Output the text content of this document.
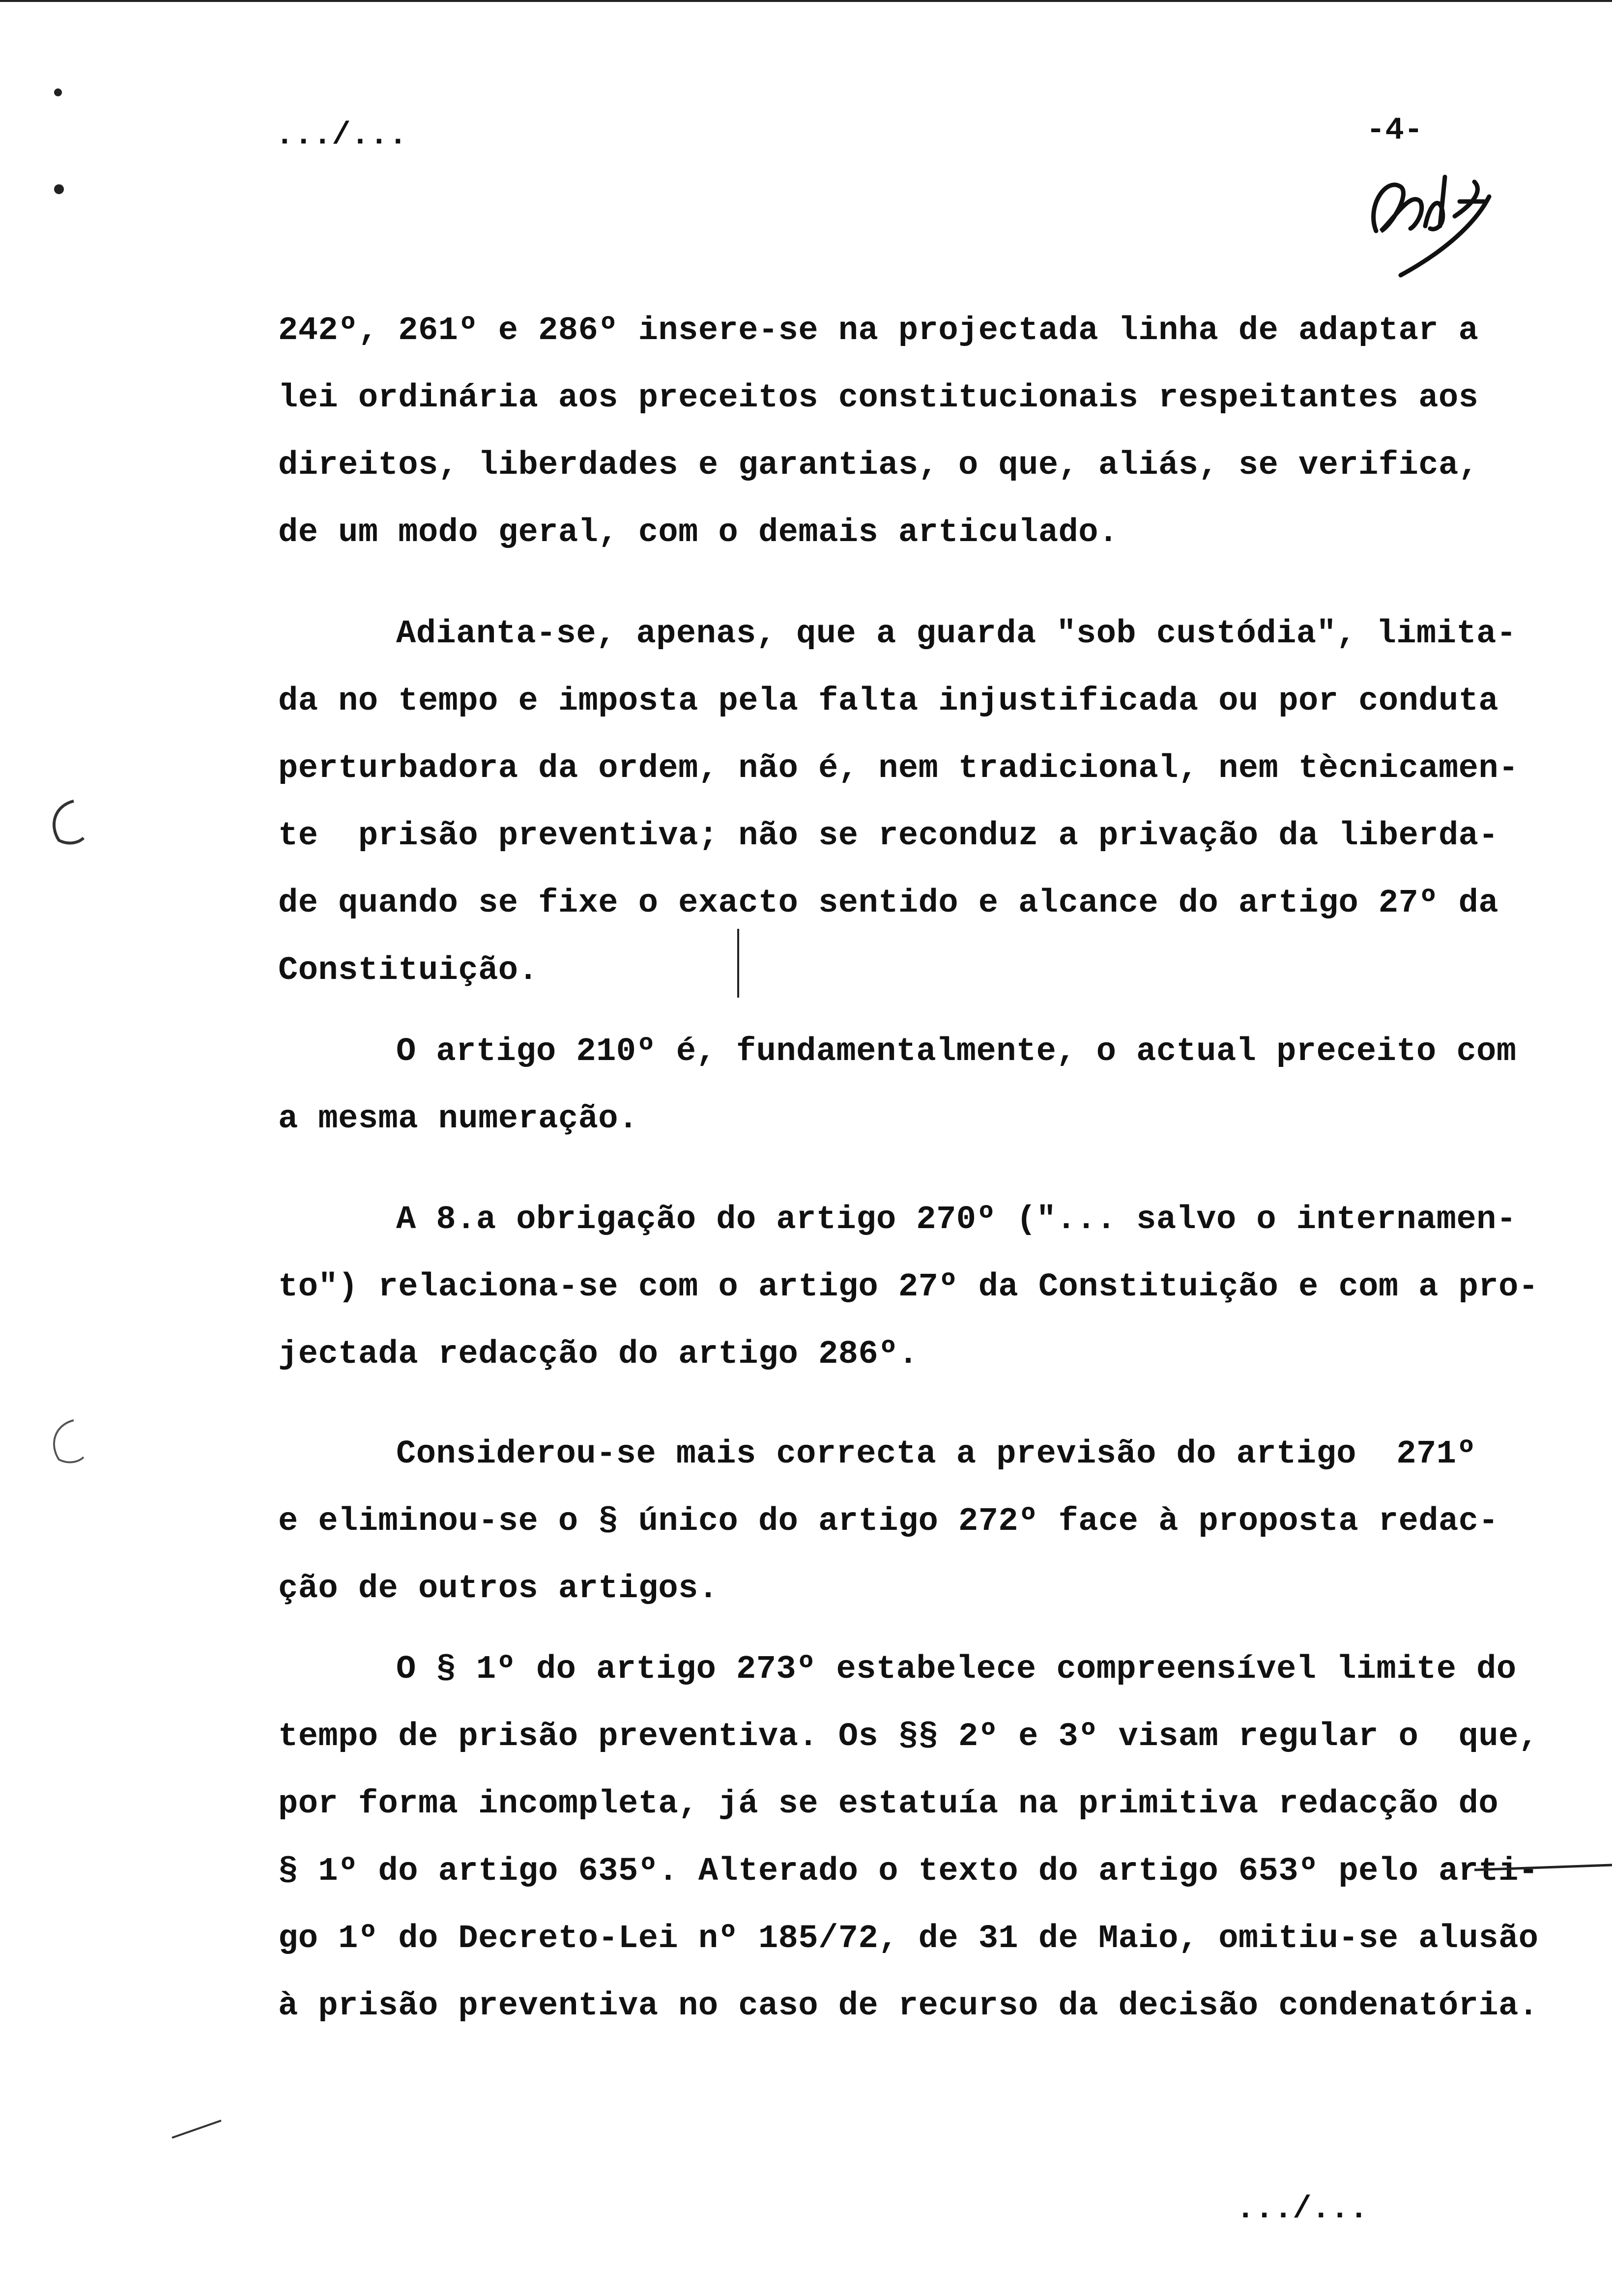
.../...	-4-
242º, 261º e 286º insere-se na projectada linha de adaptar a
lei ordinária aos preceitos constitucionais respeitantes aos
direitos, liberdades e garantias, o que, aliás, se verifica,
de um modo geral, com o demais articulado.
Adianta-se, apenas, que a guarda "sob custódia", limita-
da no tempo e imposta pela falta injustificada ou por conduta
perturbadora da ordem, não é, nem tradicional, nem tècnicamen-
te  prisão preventiva; não se reconduz a privação da liberda-
de quando se fixe o exacto sentido e alcance do artigo 27º da
Constituição.
O artigo 210º é, fundamentalmente, o actual preceito com
a mesma numeração.
A 8.a obrigação do artigo 270º ("... salvo o internamen-
to") relaciona-se com o artigo 27º da Constituição e com a pro-
jectada redacção do artigo 286º.
Considerou-se mais correcta a previsão do artigo  271º
e eliminou-se o § único do artigo 272º face à proposta redac-
ção de outros artigos.
O § 1º do artigo 273º estabelece compreensível limite do
tempo de prisão preventiva. Os §§ 2º e 3º visam regular o  que,
por forma incompleta, já se estatuía na primitiva redacção do
§ 1º do artigo 635º. Alterado o texto do artigo 653º pelo arti-
go 1º do Decreto-Lei nº 185/72, de 31 de Maio, omitiu-se alusão
à prisão preventiva no caso de recurso da decisão condenatória.
.../...
